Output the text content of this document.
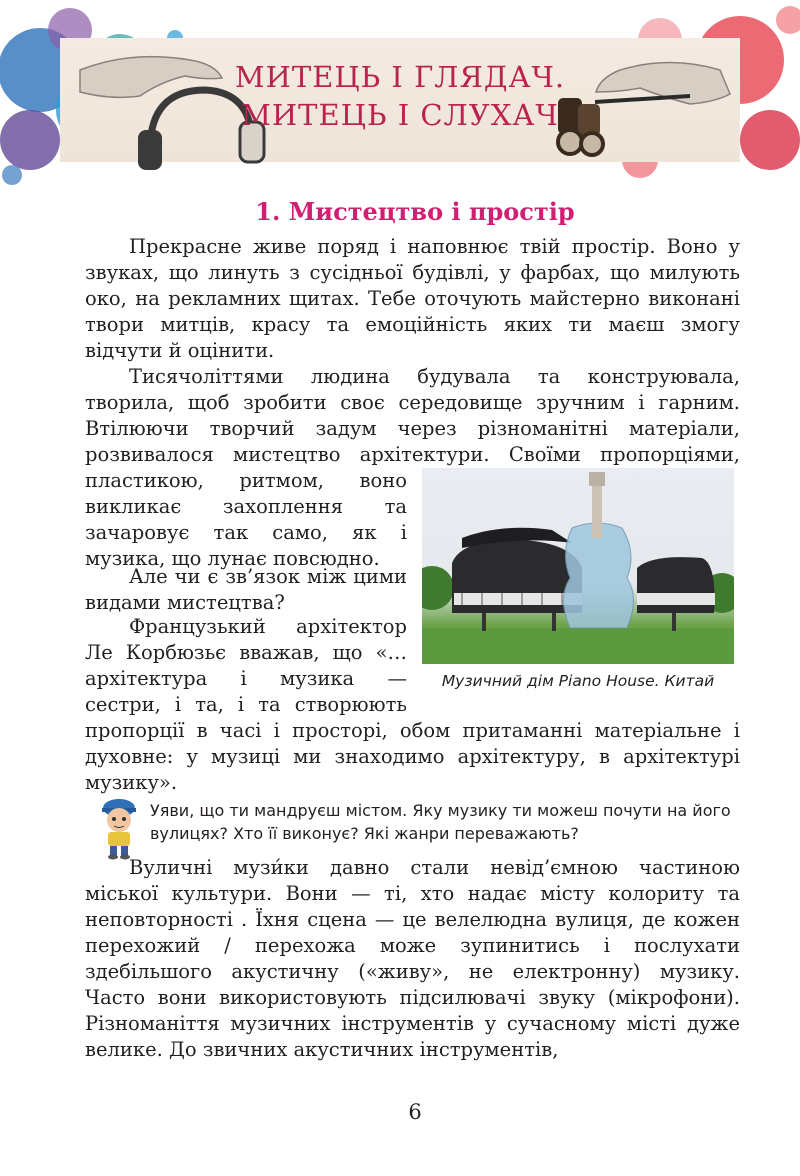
МИТЕЦЬ І ГЛЯДАЧ.
МИТЕЦЬ І СЛУХАЧ
1. Мистецтво і простір

Прекрасне живе поряд і наповнює твій простір. Воно у звуках, що линуть з сусідньої будівлі, у фарбах, що милують око, на рекламних щитах. Тебе оточують майстерно виконані твори митців, красу та емоційність яких ти маєш змогу відчути й оцінити.

Тисячоліттями людина будувала та конструювала, творила, щоб зробити своє середовище зручним і гарним. Втілюючи творчий задум через різноманітні матеріали, розвивалося мистецтво архітектури. Своїми пропорціями,

пластикою, ритмом, воно викликає захоплення та зачаровує так само, як і музика, що лунає повсюдно.

Але чи є зв’язок між цими видами мистецтва?

Французький архітектор Ле Корбюзьє вважав, що «…архітектура і музика — сестри, і та, і та створюють

пропорції в часі і просторі, обом притаманні матеріальне і духовне: у музиці ми знаходимо архітектуру, в архітектурі музику».

Музичний дім Piano House. Китай

Уяви, що ти мандруєш містом. Яку музику ти можеш почути на його вулицях? Хто її виконує? Які жанри переважають?

Вуличні музи́ки давно стали невід’ємною частиною міської культури. Вони — ті, хто надає місту колориту та неповторності . Їхня сцена — це велелюдна вулиця, де кожен перехожий / перехожа може зупинитись і послухати здебільшого акустичну («живу», не електронну) музику. Часто вони використовують підсилювачі звуку (мікрофони). Різноманіття музичних інструментів у сучасному місті дуже велике. До звичних акустичних інструментів,

6
